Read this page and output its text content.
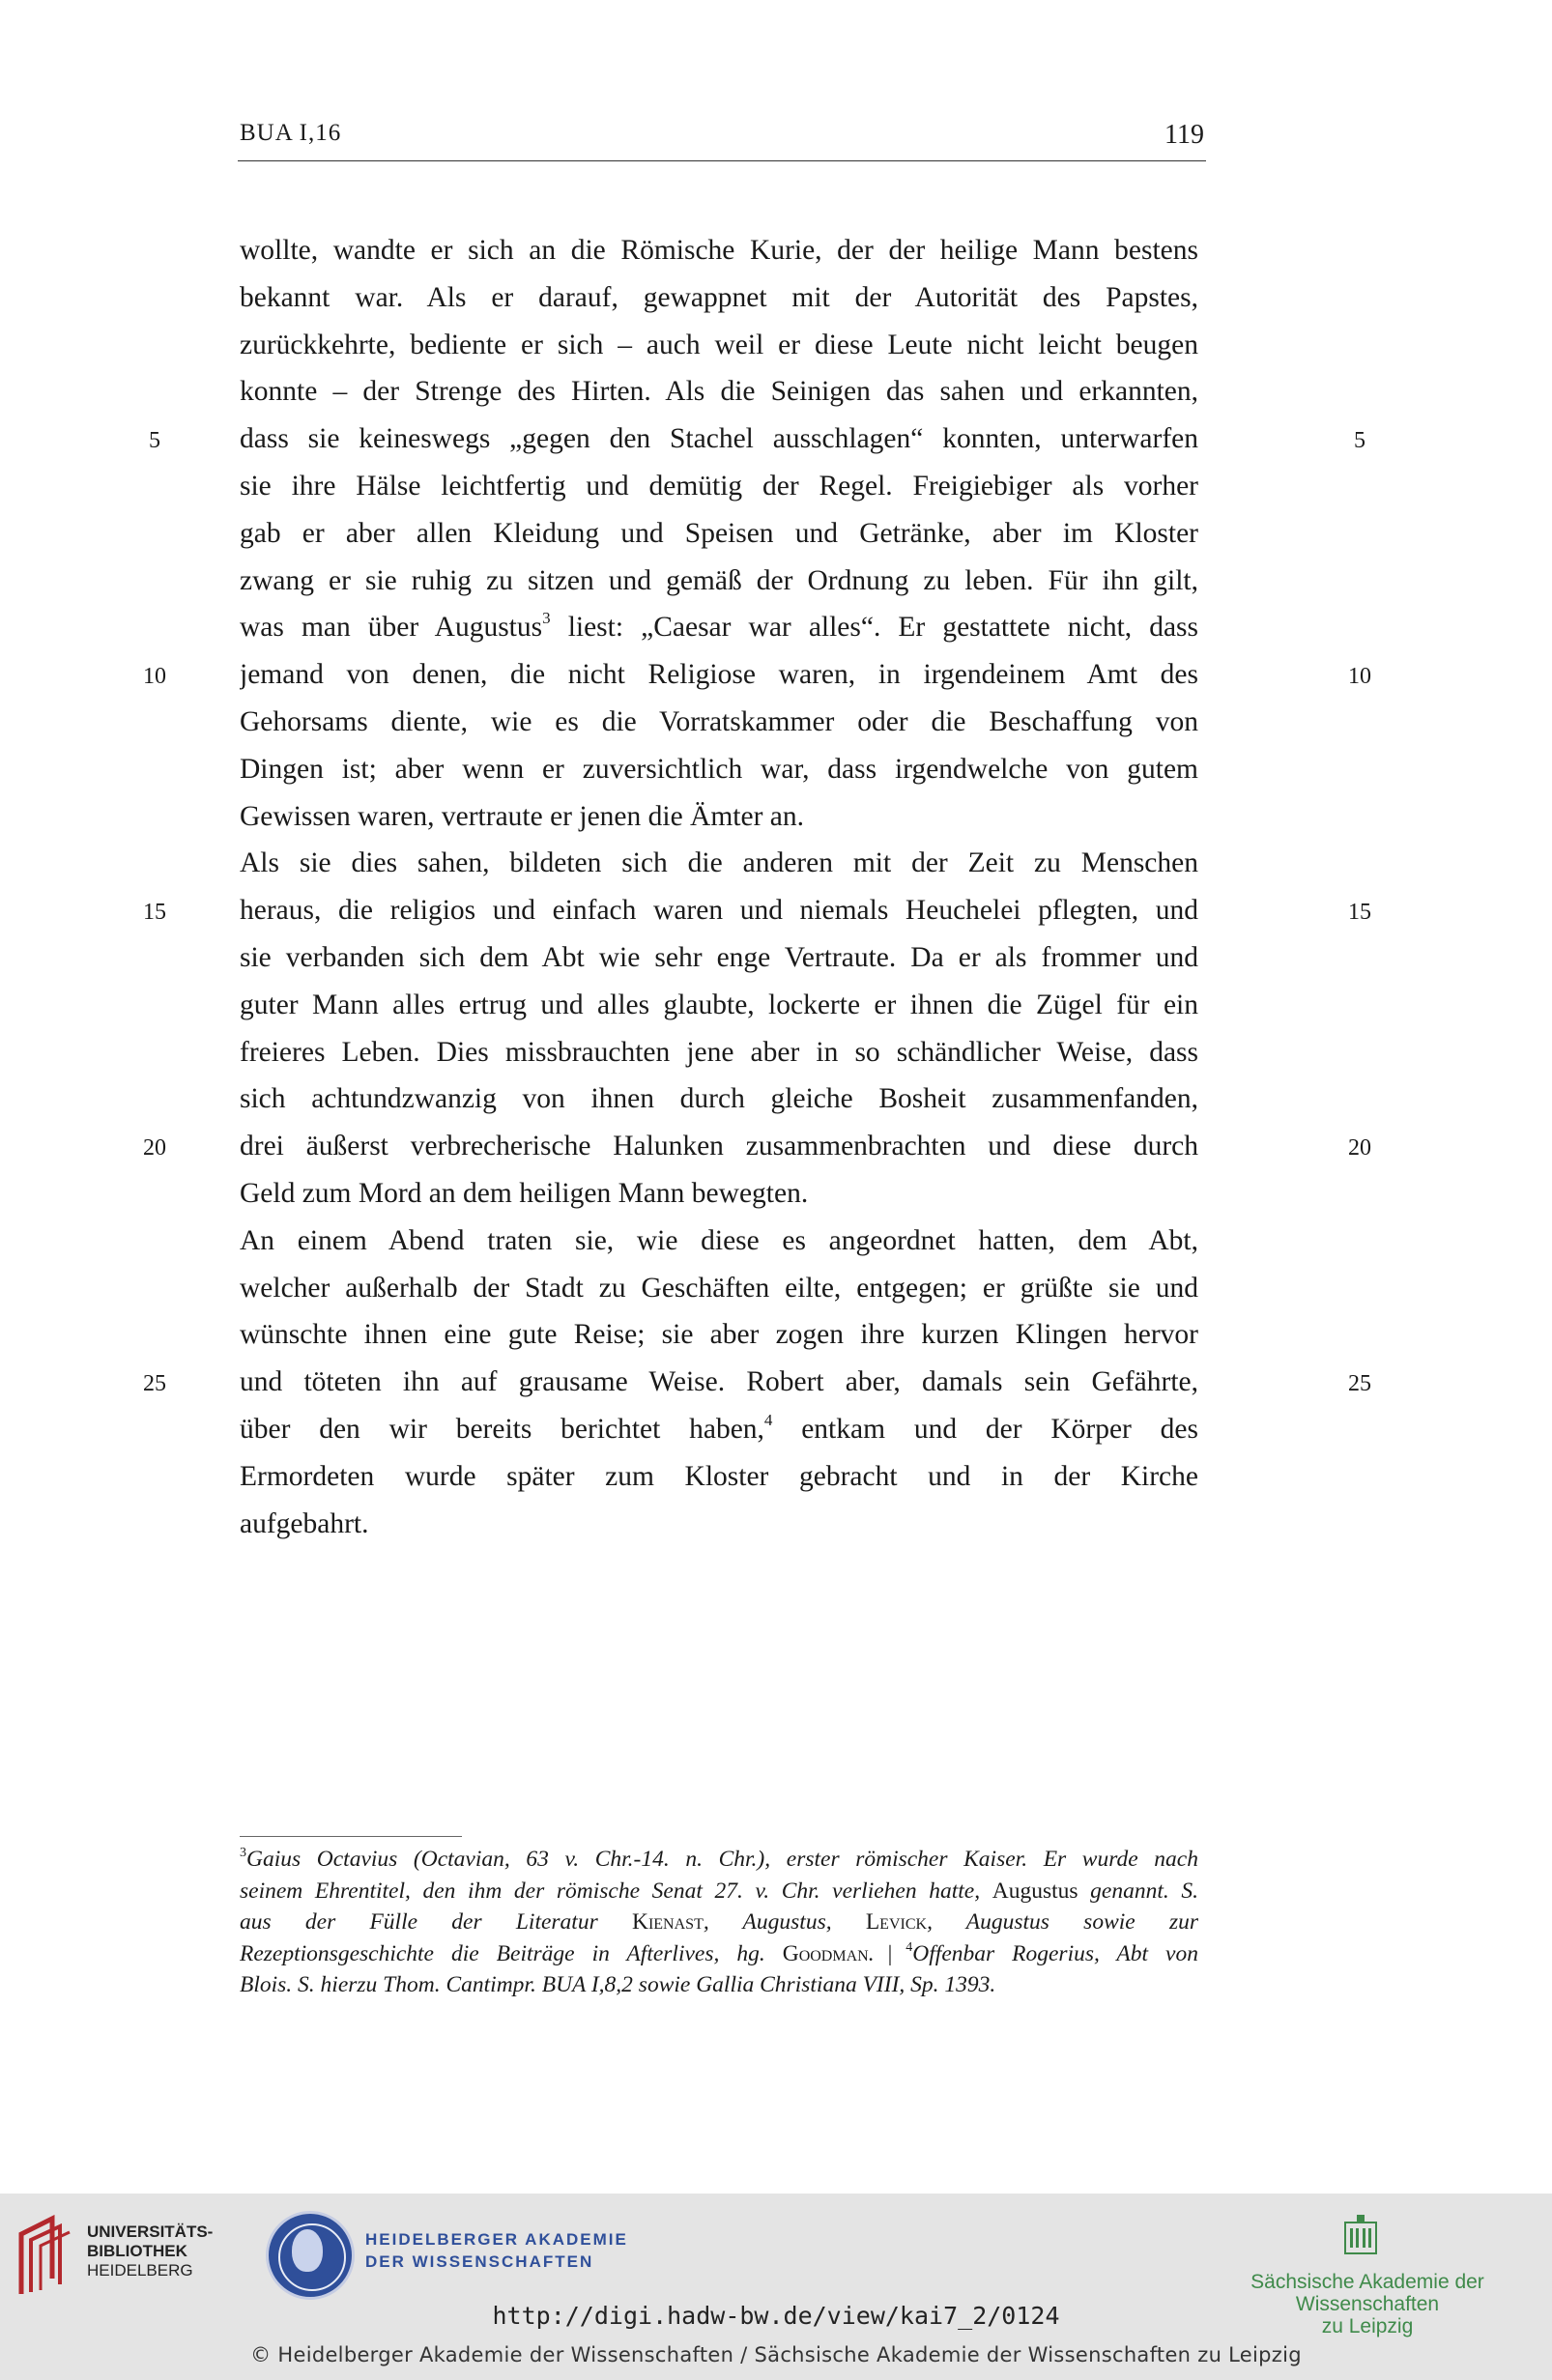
BUA I,16	119
wollte, wandte er sich an die Römische Kurie, der der heilige Mann bestens
bekannt war. Als er darauf, gewappnet mit der Autorität des Papstes,
zurückkehrte, bediente er sich – auch weil er diese Leute nicht leicht beugen
konnte – der Strenge des Hirten. Als die Seinigen das sahen und erkannten,
dass sie keineswegs „gegen den Stachel ausschlagen“ konnten, unterwarfen
sie ihre Hälse leichtfertig und demütig der Regel. Freigiebiger als vorher
gab er aber allen Kleidung und Speisen und Getränke, aber im Kloster
zwang er sie ruhig zu sitzen und gemäß der Ordnung zu leben. Für ihn gilt,
was man über Augustus$^3$ liest: „Caesar war alles“. Er gestattete nicht, dass
jemand von denen, die nicht Religiose waren, in irgendeinem Amt des
Gehorsams diente, wie es die Vorratskammer oder die Beschaffung von
Dingen ist; aber wenn er zuversichtlich war, dass irgendwelche von gutem
Gewissen waren, vertraute er jenen die Ämter an.
Als sie dies sahen, bildeten sich die anderen mit der Zeit zu Menschen
heraus, die religios und einfach waren und niemals Heuchelei pflegten, und
sie verbanden sich dem Abt wie sehr enge Vertraute. Da er als frommer und
guter Mann alles ertrug und alles glaubte, lockerte er ihnen die Zügel für ein
freieres Leben. Dies missbrauchten jene aber in so schändlicher Weise, dass
sich achtundzwanzig von ihnen durch gleiche Bosheit zusammenfanden,
drei äußerst verbrecherische Halunken zusammenbrachten und diese durch
Geld zum Mord an dem heiligen Mann bewegten.
An einem Abend traten sie, wie diese es angeordnet hatten, dem Abt,
welcher außerhalb der Stadt zu Geschäften eilte, entgegen; er grüßte sie und
wünschte ihnen eine gute Reise; sie aber zogen ihre kurzen Klingen hervor
und töteten ihn auf grausame Weise. Robert aber, damals sein Gefährte,
über den wir bereits berichtet haben,$^4$ entkam und der Körper des
Ermordeten wurde später zum Kloster gebracht und in der Kirche
aufgebahrt.
5	5
10	10
15	15
20	20
25	25
$^3$Gaius Octavius (Octavian, 63 v. Chr.-14. n. Chr.), erster römischer Kaiser. Er wurde nach
seinem Ehrentitel, den ihm der römische Senat 27. v. Chr. verliehen hatte, Augustus genannt. S.
aus der Fülle der Literatur Kienast, Augustus, Levick, Augustus sowie zur
Rezeptionsgeschichte die Beiträge in Afterlives, hg. Goodman. | $^4$Offenbar Rogerius, Abt von
Blois. S. hierzu Thom. Cantimpr. BUA I,8,2 sowie Gallia Christiana VIII, Sp. 1393.
UNIVERSITÄTS-
BIBLIOTHEK
HEIDELBERG
HEIDELBERGER AKADEMIE
DER WISSENSCHAFTEN
Sächsische Akademie der Wissenschaften
zu Leipzig
http://digi.hadw-bw.de/view/kai7_2/0124
© Heidelberger Akademie der Wissenschaften / Sächsische Akademie der Wissenschaften zu Leipzig
